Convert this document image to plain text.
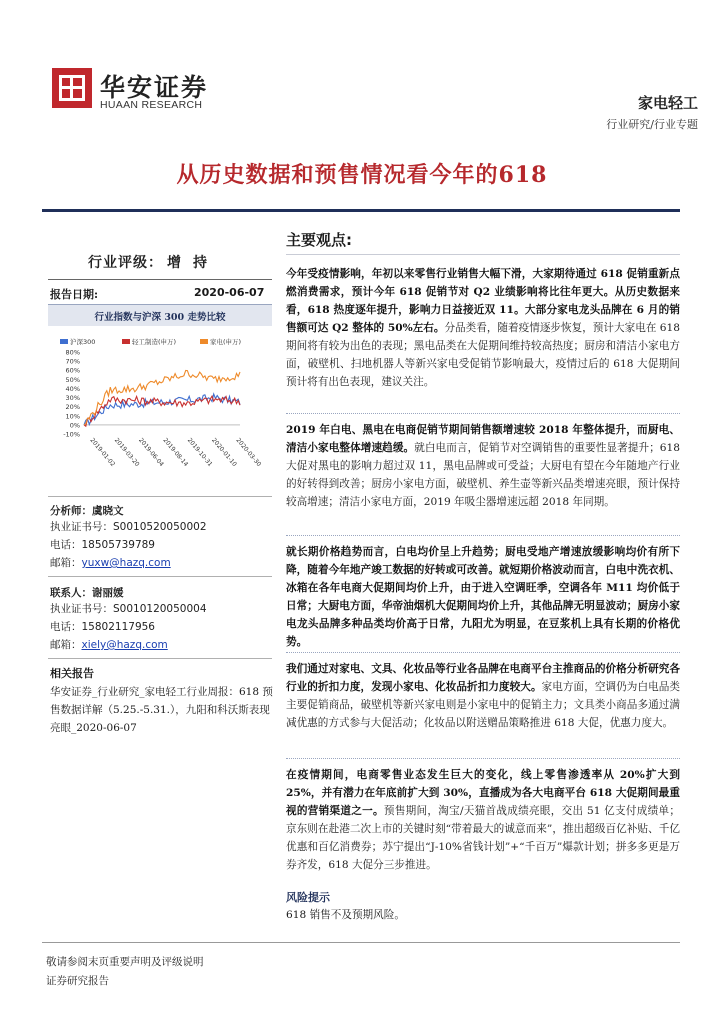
华安证券
HUAAN RESEARCH	家电轻工
行业研究/行业专题
从历史数据和预售情况看今年的618
行业评级： 增持
报告日期:	2020-06-07
行业指数与沪深 300 走势比较
沪深300	轻工制造(申万)	家电(申万)
80%
70%
60%
50%
40%
30%
20%
10%
0%
-10%
2019-01-02
2019-03-20
2019-06-04
2019-08-14
2019-10-31
2020-01-10
2020-03-30
分析师：虞晓文
执业证书号：S0010520050002
电话：18505739789
邮箱：yuxw@hazq.com
联系人：谢丽媛
执业证书号：S0010120050004
电话：15802117956
邮箱：xiely@hazq.com
相关报告
华安证券_行业研究_家电轻工行业周报：618 预售数据详解（5.25.-5.31.），九阳和科沃斯表现亮眼_2020-06-07
主要观点:
今年受疫情影响，年初以来零售行业销售大幅下滑，大家期待通过 618 促销重新点燃消费需求，预计今年 618 促销节对 Q2 业绩影响将比往年更大。从历史数据来看，618 热度逐年提升，影响力日益接近双 11。大部分家电龙头品牌在 6 月的销售额可达 Q2 整体的 50%左右。分品类看，随着疫情逐步恢复，预计大家电在 618 期间将有较为出色的表现；黑电品类在大促期间维持较高热度；厨房和清洁小家电方面，破壁机、扫地机器人等新兴家电受促销节影响最大，疫情过后的 618 大促期间预计将有出色表现，建议关注。
2019 年白电、黑电在电商促销节期间销售额增速较 2018 年整体提升，而厨电、清洁小家电整体增速趋缓。就白电而言，促销节对空调销售的重要性显著提升；618 大促对黑电的影响力超过双 11，黑电品牌或可受益；大厨电有望在今年随地产行业的好转得到改善；厨房小家电方面，破壁机、养生壶等新兴品类增速亮眼，预计保持较高增速；清洁小家电方面，2019 年吸尘器增速远超 2018 年同期。
就长期价格趋势而言，白电均价呈上升趋势；厨电受地产增速放缓影响均价有所下降，随着今年地产竣工数据的好转或可改善。就短期价格波动而言，白电中洗衣机、冰箱在各年电商大促期间均价上升，由于进入空调旺季，空调各年 M11 均价低于日常；大厨电方面，华帝油烟机大促期间均价上升，其他品牌无明显波动；厨房小家电龙头品牌多种品类均价高于日常，九阳尤为明显，在豆浆机上具有长期的价格优势。
我们通过对家电、文具、化妆品等行业各品牌在电商平台主推商品的价格分析研究各行业的折扣力度，发现小家电、化妆品折扣力度较大。家电方面，空调仍为白电品类主要促销商品，破壁机等新兴家电则是小家电中的促销主力；文具类小商品多通过满减优惠的方式参与大促活动；化妆品以附送赠品策略推进 618 大促，优惠力度大。
在疫情期间，电商零售业态发生巨大的变化，线上零售渗透率从 20%扩大到 25%，并有潜力在年底前扩大到 30%，直播成为各大电商平台 618 大促期间最重视的营销渠道之一。预售期间，淘宝/天猫首战成绩亮眼，交出 51 亿支付成绩单；京东则在赴港二次上市的关键时刻“带着最大的诚意而来”，推出超级百亿补贴、千亿优惠和百亿消费券；苏宁提出“J-10%省钱计划”+“千百万”爆款计划；拼多多更是万券齐发，618 大促分三步推进。
风险提示
618 销售不及预期风险。
敬请参阅末页重要声明及评级说明
证券研究报告
